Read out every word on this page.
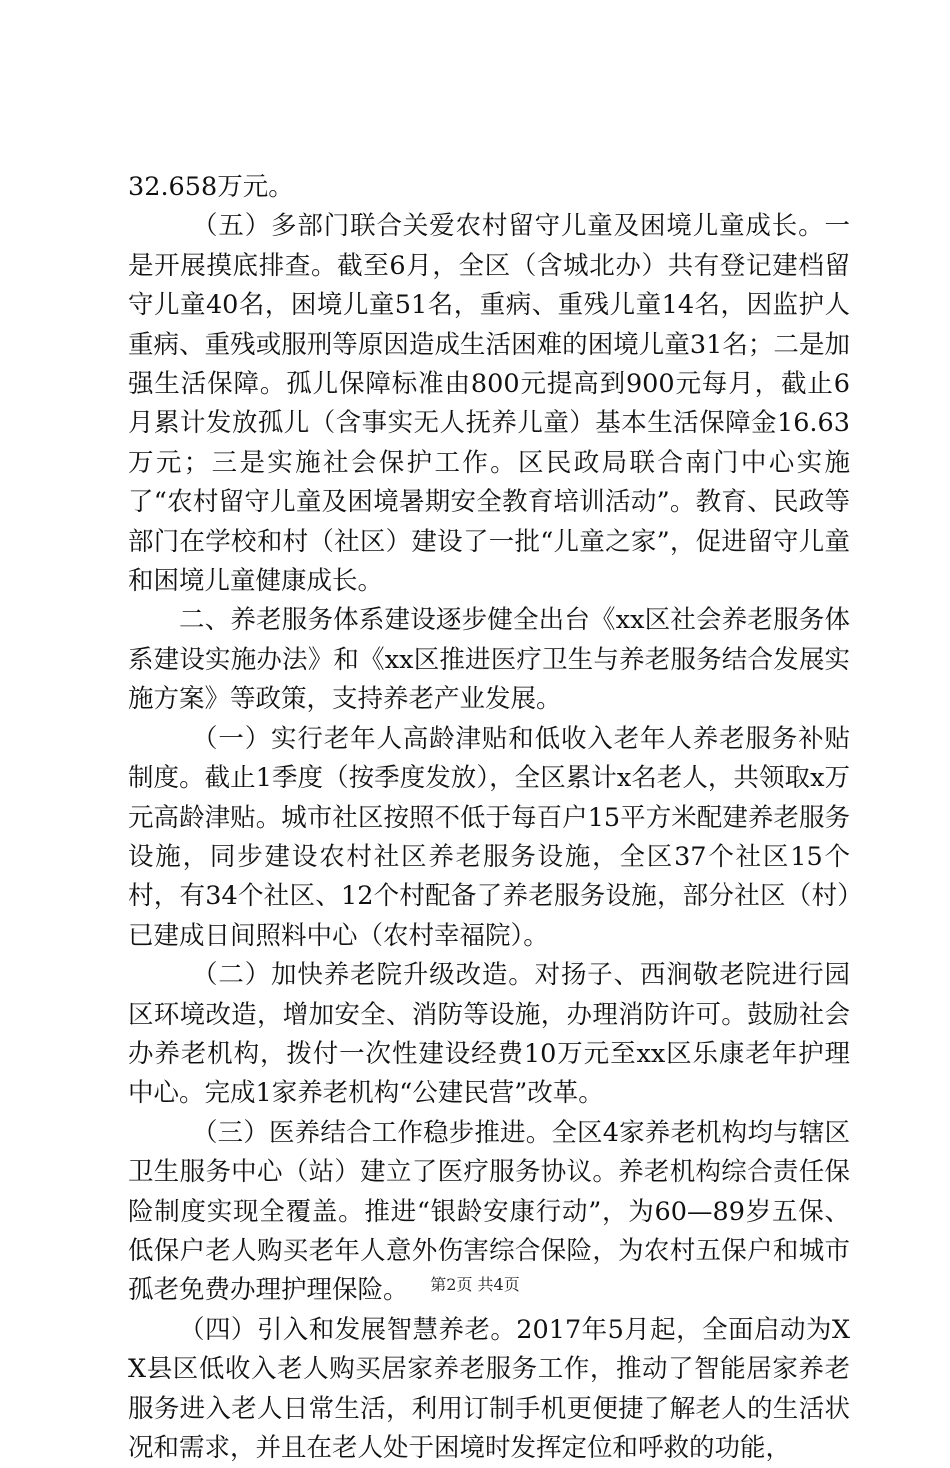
32.658万元。

（五）多部门联合关爱农村留守儿童及困境儿童成长。一是开展摸底排查。截至6月，全区（含城北办）共有登记建档留守儿童40名，困境儿童51名，重病、重残儿童14名，因监护人重病、重残或服刑等原因造成生活困难的困境儿童31名；二是加强生活保障。孤儿保障标准由800元提高到900元每月，截止6月累计发放孤儿（含事实无人抚养儿童）基本生活保障金16.63万元；三是实施社会保护工作。区民政局联合南门中心实施了“农村留守儿童及困境暑期安全教育培训活动”。教育、民政等部门在学校和村（社区）建设了一批“儿童之家”，促进留守儿童和困境儿童健康成长。

二、养老服务体系建设逐步健全出台《xx区社会养老服务体系建设实施办法》和《xx区推进医疗卫生与养老服务结合发展实施方案》等政策，支持养老产业发展。

（一）实行老年人高龄津贴和低收入老年人养老服务补贴制度。截止1季度（按季度发放），全区累计x名老人，共领取x万元高龄津贴。城市社区按照不低于每百户15平方米配建养老服务设施，同步建设农村社区养老服务设施，全区37个社区15个村，有34个社区、12个村配备了养老服务设施，部分社区（村）已建成日间照料中心（农村幸福院）。

（二）加快养老院升级改造。对扬子、西涧敬老院进行园区环境改造，增加安全、消防等设施，办理消防许可。鼓励社会办养老机构，拨付一次性建设经费10万元至xx区乐康老年护理中心。完成1家养老机构“公建民营”改革。

（三）医养结合工作稳步推进。全区4家养老机构均与辖区卫生服务中心（站）建立了医疗服务协议。养老机构综合责任保险制度实现全覆盖。推进“银龄安康行动”，为60—89岁五保、低保户老人购买老年人意外伤害综合保险，为农村五保户和城市孤老免费办理护理保险。

（四）引入和发展智慧养老。2017年5月起，全面启动为XX县区低收入老人购买居家养老服务工作，推动了智能居家养老服务进入老人日常生活，利用订制手机更便捷了解老人的生活状况和需求，并且在老人处于困境时发挥定位和呼救的功能，

第2页 共4页
